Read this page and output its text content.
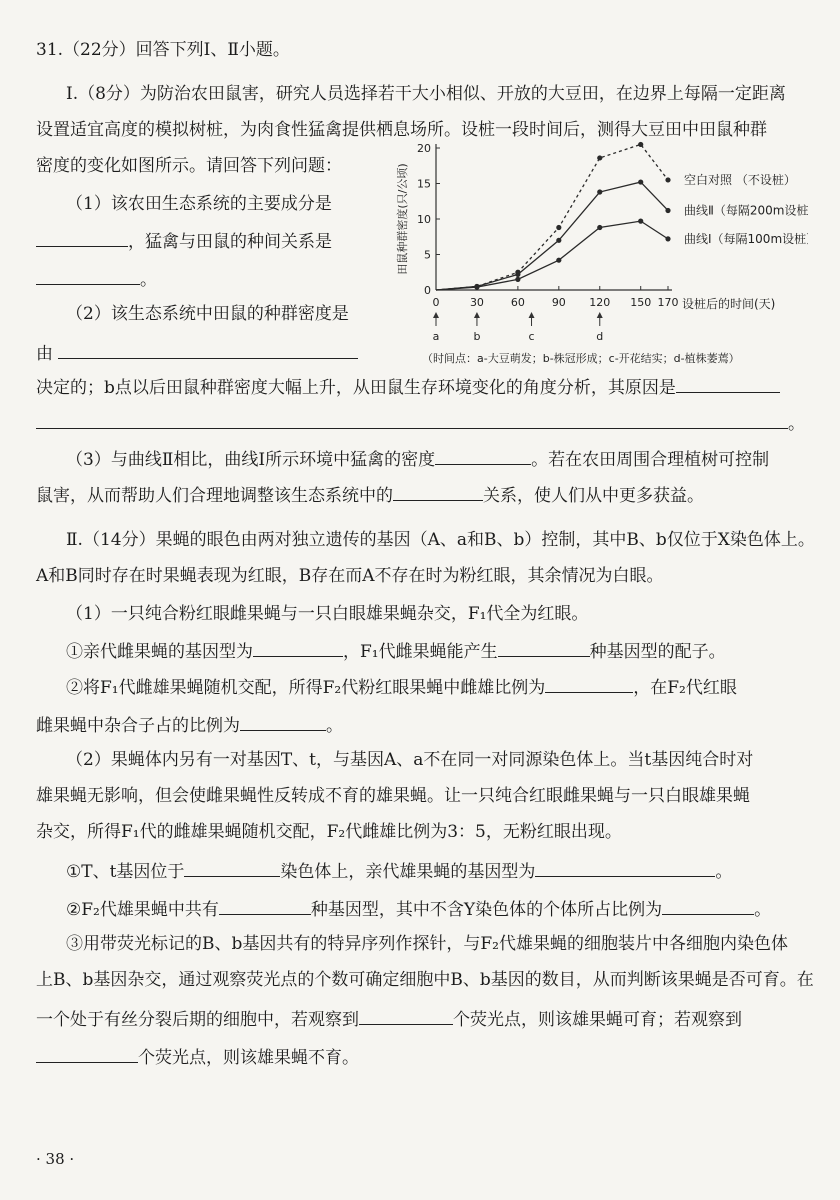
31.（22分）回答下列Ⅰ、Ⅱ小题。
Ⅰ.（8分）为防治农田鼠害，研究人员选择若干大小相似、开放的大豆田，在边界上每隔一定距离
设置适宜高度的模拟树桩，为肉食性猛禽提供栖息场所。设桩一段时间后，测得大豆田中田鼠种群
密度的变化如图所示。请回答下列问题：
（1）该农田生态系统的主要成分是
，猛禽与田鼠的种间关系是
。
（2）该生态系统中田鼠的种群密度是
由
决定的；b点以后田鼠种群密度大幅上升，从田鼠生存环境变化的角度分析，其原因是
。
（3）与曲线Ⅱ相比，曲线Ⅰ所示环境中猛禽的密度	。若在农田周围合理植树可控制
鼠害，从而帮助人们合理地调整该生态系统中的	关系，使人们从中更多获益。
Ⅱ.（14分）果蝇的眼色由两对独立遗传的基因（A、a和B、b）控制，其中B、b仅位于X染色体上。
A和B同时存在时果蝇表现为红眼，B存在而A不存在时为粉红眼，其余情况为白眼。
（1）一只纯合粉红眼雌果蝇与一只白眼雄果蝇杂交，F₁代全为红眼。
①亲代雌果蝇的基因型为	，F₁代雌果蝇能产生	种基因型的配子。
②将F₁代雌雄果蝇随机交配，所得F₂代粉红眼果蝇中雌雄比例为	，在F₂代红眼
雌果蝇中杂合子占的比例为	。
（2）果蝇体内另有一对基因T、t，与基因A、a不在同一对同源染色体上。当t基因纯合时对
雄果蝇无影响，但会使雌果蝇性反转成不育的雄果蝇。让一只纯合红眼雌果蝇与一只白眼雄果蝇
杂交，所得F₁代的雌雄果蝇随机交配，F₂代雌雄比例为3：5，无粉红眼出现。
①T、t基因位于	染色体上，亲代雄果蝇的基因型为	。
②F₂代雄果蝇中共有	种基因型，其中不含Y染色体的个体所占比例为	。
③用带荧光标记的B、b基因共有的特异序列作探针，与F₂代雄果蝇的细胞装片中各细胞内染色体
上B、b基因杂交，通过观察荧光点的个数可确定细胞中B、b基因的数目，从而判断该果蝇是否可育。在
一个处于有丝分裂后期的细胞中，若观察到	个荧光点，则该雄果蝇可育；若观察到
个荧光点，则该雄果蝇不育。
· 38 ·
0
5
10
15
20
0	30 60 90 120 150 170 设桩后的时间(天)
田鼠种群密度(只/公顷)	空白对照 （不设桩）
曲线Ⅱ（每隔200m设桩）
曲线Ⅰ（每隔100m设桩）
a	b	c	d
（时间点：a-大豆萌发；b-株冠形成；c-开花结实；d-植株萎蔫）
